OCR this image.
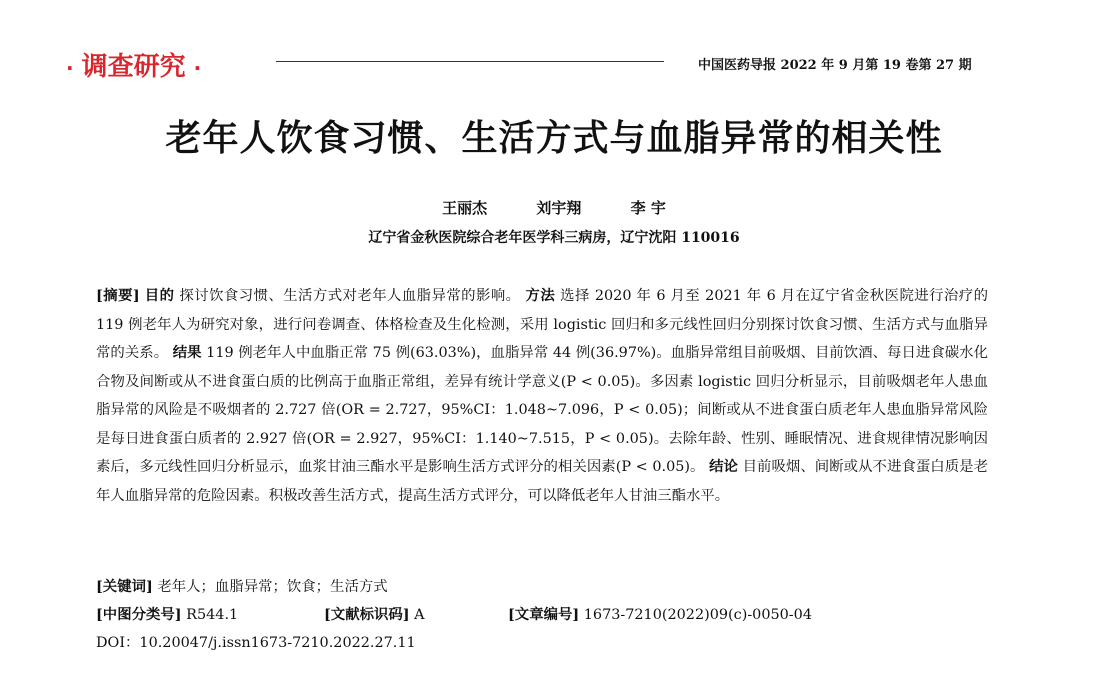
· 调查研究 ·	中国医药导报 2022 年 9 月第 19 卷第 27 期
老年人饮食习惯、生活方式与血脂异常的相关性
王丽杰	刘宇翔	李 宇
辽宁省金秋医院综合老年医学科三病房，辽宁沈阳 110016
[摘要] 目的 探讨饮食习惯、生活方式对老年人血脂异常的影响。 方法 选择 2020 年 6 月至 2021 年 6 月在辽宁省金秋医院进行治疗的 119 例老年人为研究对象，进行问卷调查、体格检查及生化检测，采用 logistic 回归和多元线性回归分别探讨饮食习惯、生活方式与血脂异常的关系。 结果 119 例老年人中血脂正常 75 例(63.03%)，血脂异常 44 例(36.97%)。血脂异常组目前吸烟、目前饮酒、每日进食碳水化合物及间断或从不进食蛋白质的比例高于血脂正常组，差异有统计学意义(P < 0.05)。多因素 logistic 回归分析显示，目前吸烟老年人患血脂异常的风险是不吸烟者的 2.727 倍(OR = 2.727，95%CI：1.048~7.096，P < 0.05)；间断或从不进食蛋白质老年人患血脂异常风险是每日进食蛋白质者的 2.927 倍(OR = 2.927，95%CI：1.140~7.515，P < 0.05)。去除年龄、性别、睡眠情况、进食规律情况影响因素后，多元线性回归分析显示，血浆甘油三酯水平是影响生活方式评分的相关因素(P < 0.05)。 结论 目前吸烟、间断或从不进食蛋白质是老年人血脂异常的危险因素。积极改善生活方式，提高生活方式评分，可以降低老年人甘油三酯水平。
[关键词] 老年人；血脂异常；饮食；生活方式
[中图分类号] R544.1	[文献标识码] A	[文章编号] 1673-7210(2022)09(c)-0050-04
DOI：10.20047/j.issn1673-7210.2022.27.11
